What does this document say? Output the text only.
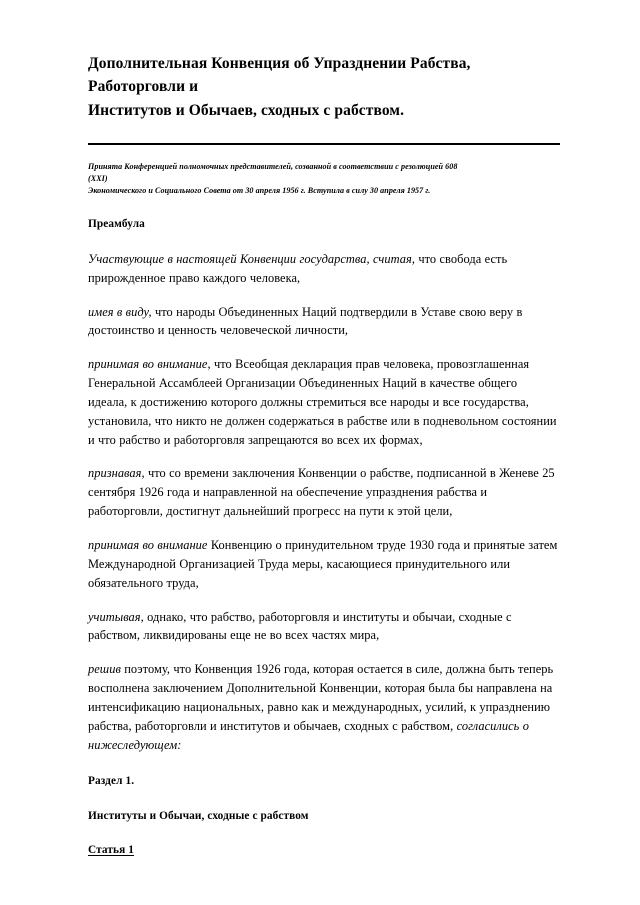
Дополнительная Конвенция об Упразднении Рабства,
Работорговли и
Институтов и Обычаев, сходных с рабством.
Принята Конференцией полномочных представителей, созванной в соответствии с резолюцией 608
(XXI)
Экономического и Социального Совета от 30 апреля 1956 г. Вступила в силу 30 апреля 1957 г.
Преамбула

Участвующие в настоящей Конвенции государства, считая, что свобода есть прирожденное право каждого человека,

имея в виду, что народы Объединенных Наций подтвердили в Уставе свою веру в достоинство и ценность человеческой личности,

принимая во внимание, что Всеобщая декларация прав человека, провозглашенная Генеральной Ассамблеей Организации Объединенных Наций в качестве общего идеала, к достижению которого должны стремиться все народы и все государства, установила, что никто не должен содержаться в рабстве или в подневольном состоянии и что рабство и работорговля запрещаются во всех их формах,

признавая, что со времени заключения Конвенции о рабстве, подписанной в Женеве 25 сентября 1926 года и направленной на обеспечение упразднения рабства и работорговли, достигнут дальнейший прогресс на пути к этой цели,

принимая во внимание Конвенцию о принудительном труде 1930 года и принятые затем Международной Организацией Труда меры, касающиеся принудительного или обязательного труда,

учитывая, однако, что рабство, работорговля и институты и обычаи, сходные с рабством, ликвидированы еще не во всех частях мира,

решив поэтому, что Конвенция 1926 года, которая остается в силе, должна быть теперь восполнена заключением Дополнительной Конвенции, которая была бы направлена на интенсификацию национальных, равно как и международных, усилий, к упразднению рабства, работорговли и институтов и обычаев, сходных с рабством, согласились о нижеследующем:

Раздел 1.
Институты и Обычаи, сходные с рабством
Статья 1
